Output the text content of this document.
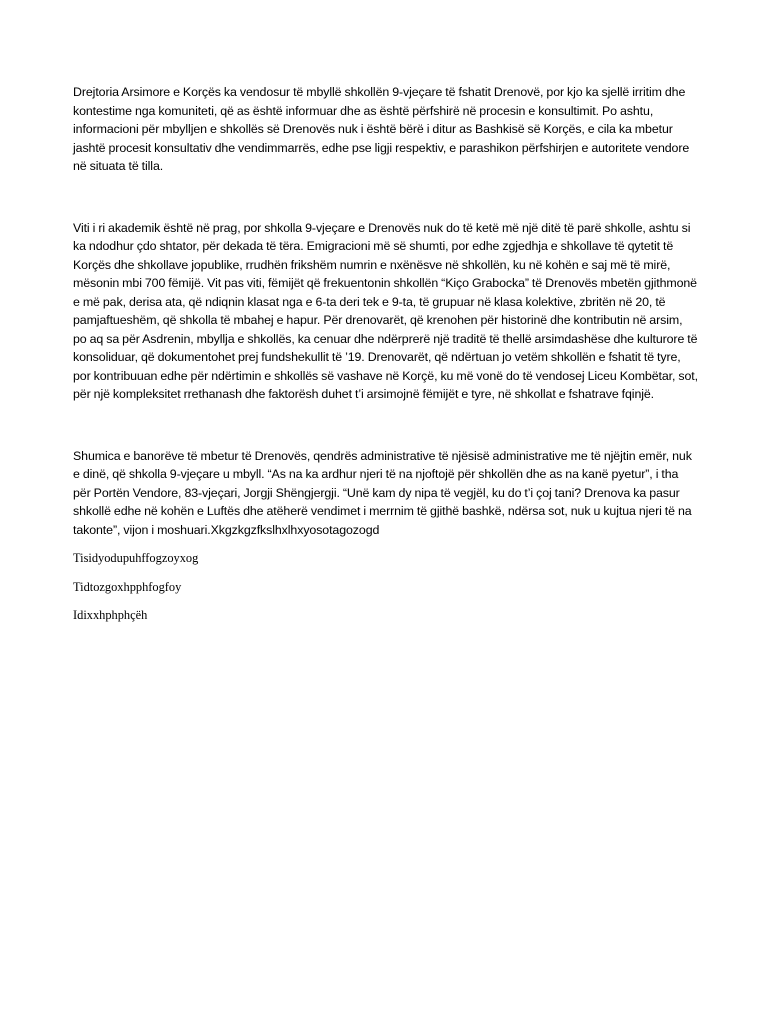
Drejtoria Arsimore e Korçës ka vendosur të mbyllë shkollën 9-vjeçare të fshatit Drenovë, por kjo ka sjellë irritim dhe kontestime nga komuniteti, që as është informuar dhe as është përfshirë në procesin e konsultimit. Po ashtu, informacioni për mbylljen e shkollës së Drenovës nuk i është bërë i ditur as Bashkisë së Korçës, e cila ka mbetur jashtë procesit konsultativ dhe vendimmarrës, edhe pse ligji respektiv, e parashikon përfshirjen e autoritete vendore në situata të tilla.

Viti i ri akademik është në prag, por shkolla 9-vjeçare e Drenovës nuk do të ketë më një ditë të parë shkolle, ashtu si ka ndodhur çdo shtator, për dekada të tëra. Emigracioni më së shumti, por edhe zgjedhja e shkollave të qytetit të Korçës dhe shkollave jopublike, rrudhën frikshëm numrin e nxënësve në shkollën, ku në kohën e saj më të mirë, mësonin mbi 700 fëmijë. Vit pas viti, fëmijët që frekuentonin shkollën “Kiço Grabocka” të Drenovës mbetën gjithmonë e më pak, derisa ata, që ndiqnin klasat nga e 6-ta deri tek e 9-ta, të grupuar në klasa kolektive, zbritën në 20, të pamjaftueshëm, që shkolla të mbahej e hapur. Për drenovarët, që krenohen për historinë dhe kontributin në arsim, po aq sa për Asdrenin, mbyllja e shkollës, ka cenuar dhe ndërprerë një traditë të thellë arsimdashëse dhe kulturore të konsoliduar, që dokumentohet prej fundshekullit të ’19. Drenovarët, që ndërtuan jo vetëm shkollën e fshatit të tyre, por kontribuuan edhe për ndërtimin e shkollës së vashave në Korçë, ku më vonë do të vendosej Liceu Kombëtar, sot, për një kompleksitet rrethanash dhe faktorësh duhet t’i arsimojnë fëmijët e tyre, në shkollat e fshatrave fqinjë.

Shumica e banorëve të mbetur të Drenovës, qendrës administrative të njësisë administrative me të njëjtin emër, nuk e dinë, që shkolla 9-vjeçare u mbyll. “As na ka ardhur njeri të na njoftojë për shkollën dhe as na kanë pyetur”, i tha për Portën Vendore, 83-vjeçari, Jorgji Shëngjergji. “Unë kam dy nipa të vegjël, ku do t’i çoj tani? Drenova ka pasur shkollë edhe në kohën e Luftës dhe atëherë vendimet i merrnim të gjithë bashkë, ndërsa sot, nuk u kujtua njeri të na takonte”, vijon i moshuari.Xkgzkgzfkslhxlhxyosotagozogd

Tisidyodupuhffogzoyxog

Tidtozgoxhpphfogfoy

Idixxhphphçëh
